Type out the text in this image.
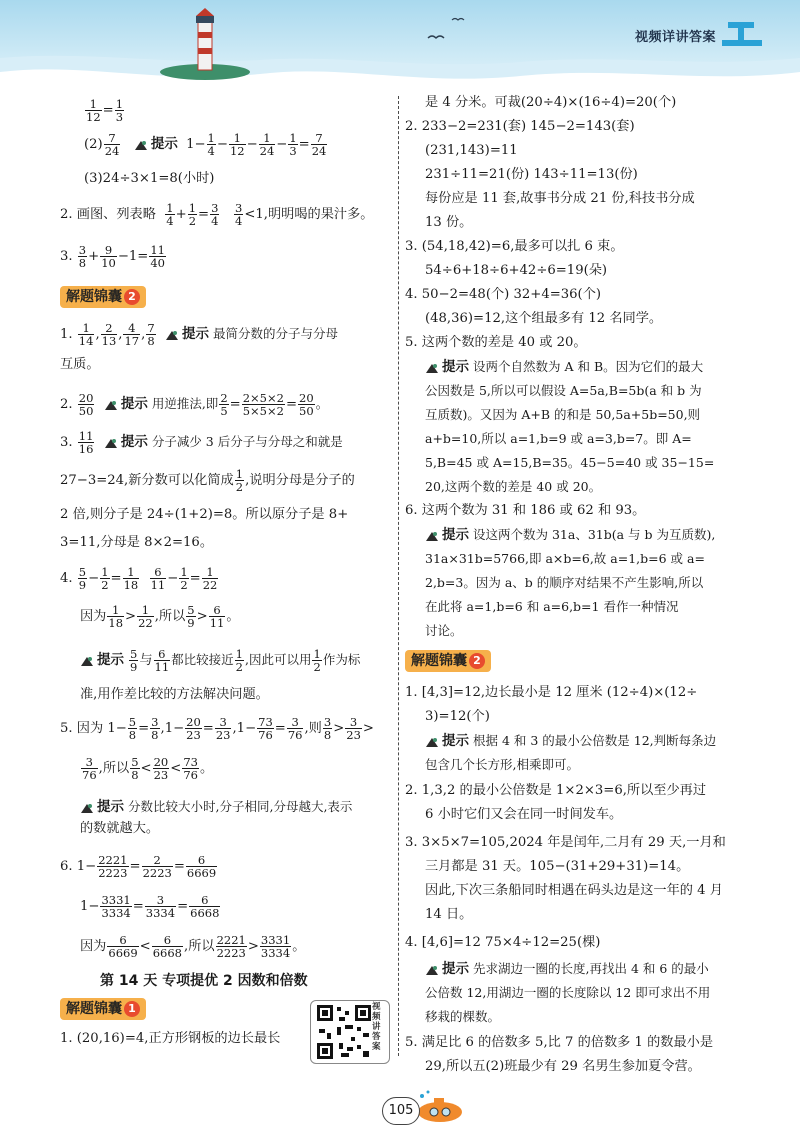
视频详讲答案
$\frac{1}{12} = \frac{1}{3}$
$(2) \frac{7}{24}$ 提示 $1- \frac{1}{4} - \frac{1}{12} - \frac{1}{24} - \frac{1}{3} = \frac{7}{24}$
(3)24÷3×1=8(小时)
2. 画图、列表略 $\frac{1}{4} + \frac{1}{2} = \frac{3}{4}$
$\frac{3}{4} <1$,明明喝的果汁多。
3. $\frac{3}{8} + \frac{9}{10} -1= \frac{11}{40}$
解题锦囊 2
1. $\frac{1}{14}$ , $\frac{2}{13}$ , $\frac{4}{17}$ , $\frac{7}{8}$ 提示 最简分数的分子与分母
互质。
2. $\frac{20}{50}$ 提示 用逆推法,即 $\frac{2}{5} = \frac{2\times 5\times 2}{5\times 5\times 2} = \frac{20}{50}$ 。
3. $\frac{11}{16}$ 提示 分子减少 3 后分子与分母之和就是
27−3=24,新分数可以化简成 $\frac{1}{2}$ ,说明分母是分子的
2 倍,则分子是 24÷(1+2)=8。所以原分子是 8+
3=11,分母是 8×2=16。
4. $\frac{5}{9} - \frac{1}{2} = \frac{1}{18}$
$\frac{6}{11} - \frac{1}{2} = \frac{1}{22}$
因为 $\frac{1}{18} > \frac{1}{22}$ ,所以 $\frac{5}{9} > \frac{6}{11}$ 。
提示 $\frac{5}{9}$ 与 $\frac{6}{11}$ 都比较接近 $\frac{1}{2}$ ,因此可以用 $\frac{1}{2}$ 作为标
准,用作差比较的方法解决问题。
5. 因为 $1- \frac{5}{8} = \frac{3}{8} ,1- \frac{20}{23} = \frac{3}{23} ,1- \frac{73}{76} = \frac{3}{76}$ ,则 $\frac{3}{8} > \frac{3}{23}$ >
$\frac{3}{76}$ ,所以 $\frac{5}{8} < \frac{20}{23} < \frac{73}{76}$ 。
提示 分数比较大小时,分子相同,分母越大,表示
的数就越大。
6. $1- \frac{2221}{2223} = \frac{2}{2223} = \frac{6}{6669}$
$1- \frac{3331}{3334} = \frac{3}{3334} = \frac{6}{6668}$
因为 $\frac{6}{6669} < \frac{6}{6668}$ ,所以 $\frac{2221}{2223} > \frac{3331}{3334}$ 。
第 14 天 专项提优 2 因数和倍数
解题锦囊 1
1. (20,16)=4,正方形钢板的边长最长
视频讲答案
是 4 分米。可裁(20÷4)×(16÷4)=20(个)
2. 233−2=231(套) 145−2=143(套)
(231,143)=11
231÷11=21(份) 143÷11=13(份)
每份应是 11 套,故事书分成 21 份,科技书分成
13 份。
3. (54,18,42)=6,最多可以扎 6 束。
54÷6+18÷6+42÷6=19(朵)
4. 50−2=48(个) 32+4=36(个)
(48,36)=12,这个组最多有 12 名同学。
5. 这两个数的差是 40 或 20。
提示 设两个自然数为 A 和 B。因为它们的最大
公因数是 5,所以可以假设 A=5a,B=5b(a 和 b 为
互质数)。又因为 A+B 的和是 50,5a+5b=50,则
a+b=10,所以 a=1,b=9 或 a=3,b=7。即 A=
5,B=45 或 A=15,B=35。45−5=40 或 35−15=
20,这两个数的差是 40 或 20。
6. 这两个数为 31 和 186 或 62 和 93。
提示 设这两个数为 31a、31b(a 与 b 为互质数),
31a×31b=5766,即 a×b=6,故 a=1,b=6 或 a=
2,b=3。因为 a、b 的顺序对结果不产生影响,所以
在此将 a=1,b=6 和 a=6,b=1 看作一种情况
讨论。
解题锦囊 2
1. [4,3]=12,边长最小是 12 厘米 (12÷4)×(12÷
3)=12(个)
提示 根据 4 和 3 的最小公倍数是 12,判断每条边
包含几个长方形,相乘即可。
2. 1,3,2 的最小公倍数是 1×2×3=6,所以至少再过
6 小时它们又会在同一时间发车。
3. 3×5×7=105,2024 年是闰年,二月有 29 天,一月和
三月都是 31 天。105−(31+29+31)=14。
因此,下次三条船同时相遇在码头边是这一年的 4 月
14 日。
4. [4,6]=12 75×4÷12=25(棵)
提示 先求湖边一圈的长度,再找出 4 和 6 的最小
公倍数 12,用湖边一圈的长度除以 12 即可求出不用
移栽的棵数。
5. 满足比 6 的倍数多 5,比 7 的倍数多 1 的数最小是
29,所以五(2)班最少有 29 名男生参加夏令营。
105
